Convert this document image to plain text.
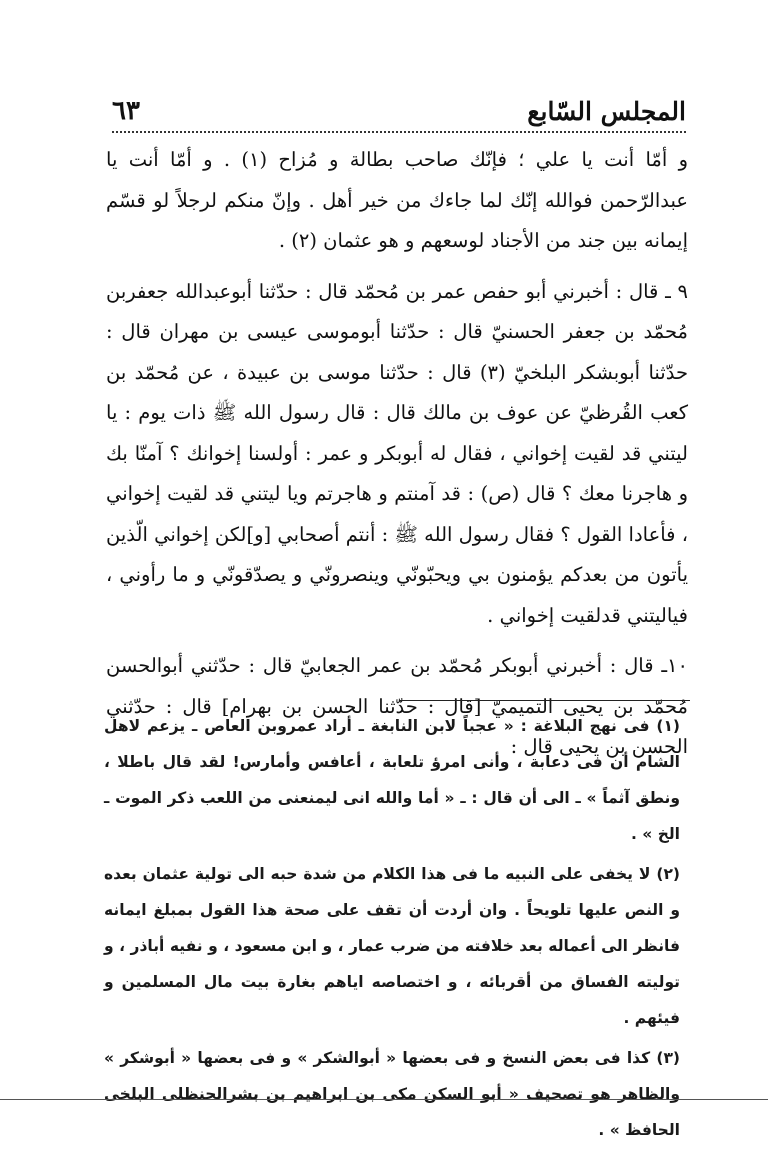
٦٣	المجلس السّابع

و أمّا أنت يا علي ؛ فإنّك صاحب بطالة و مُزاح (١) . و أمّا أنت يا عبدالرّحمن فوالله إنّك لما جاءك من خير أهل . وإنّ منكم لرجلاً لو قسّم إيمانه بين جند من الأجناد لوسعهم و هو عثمان (٢) .

٩ ـ قال : أخبرني أبو حفص عمر بن مُحمّد قال : حدّثنا أبوعبدالله جعفربن مُحمّد بن جعفر الحسنيّ قال : حدّثنا أبوموسى عيسى بن مهران قال : حدّثنا أبوبشكر البلخيّ (٣) قال : حدّثنا موسى بن عبيدة ، عن مُحمّد بن كعب القُرظيّ عن عوف بن مالك قال : قال رسول الله ﷺ ذات يوم : يا ليتني قد لقيت إخواني ، فقال له أبوبكر و عمر : أولسنا إخوانك ؟ آمنّا بك و هاجرنا معك ؟ قال (ص) : قد آمنتم و هاجرتم ويا ليتني قد لقيت إخواني ، فأعادا القول ؟ فقال رسول الله ﷺ : أنتم أصحابي [و]لكن إخواني الّذين يأتون من بعدكم يؤمنون بي ويحبّونّي وينصرونّي و يصدّقونّي و ما رأوني ، فياليتني قدلقيت إخواني .

١٠ـ قال : أخبرني أبوبكر مُحمّد بن عمر الجعابيّ قال : حدّثني أبوالحسن مُحمّد بن يحيى التميميّ [قال : حدّثنا الحسن بن بهرام] قال : حدّثني الحسن بن يحيى قال :

(١) فى نهج البلاغة : « عجباً لابن النابغة ـ أراد عمروبن العاص ـ يزعم لاهل الشام أن فى دعابة ، وأنى امرؤ تلعابة ، أعافس وأمارس! لقد قال باطلا ، ونطق آثماً » ـ الى أن قال : ـ « أما والله انى ليمنعنى من اللعب ذكر الموت ـ الخ » .

(٢) لا يخفى على النبيه ما فى هذا الكلام من شدة حبه الى تولية عثمان بعده و النص عليها تلويحاً . وان أردت أن تقف على صحة هذا القول بمبلغ ايمانه فانظر الى أعماله بعد خلافته من ضرب عمار ، و ابن مسعود ، و نفيه أباذر ، و توليته الفساق من أقربائه ، و اختصاصه اياهم بغارة بيت مال المسلمين و فيئهم .

(٣) كذا فى بعض النسخ و فى بعضها « أبوالشكر » و فى بعضها « أبوشكر » والظاهر هو تصحيف « أبو السكن مكى بن ابراهيم بن بشرالحنظلى البلخى الحافظ » .
